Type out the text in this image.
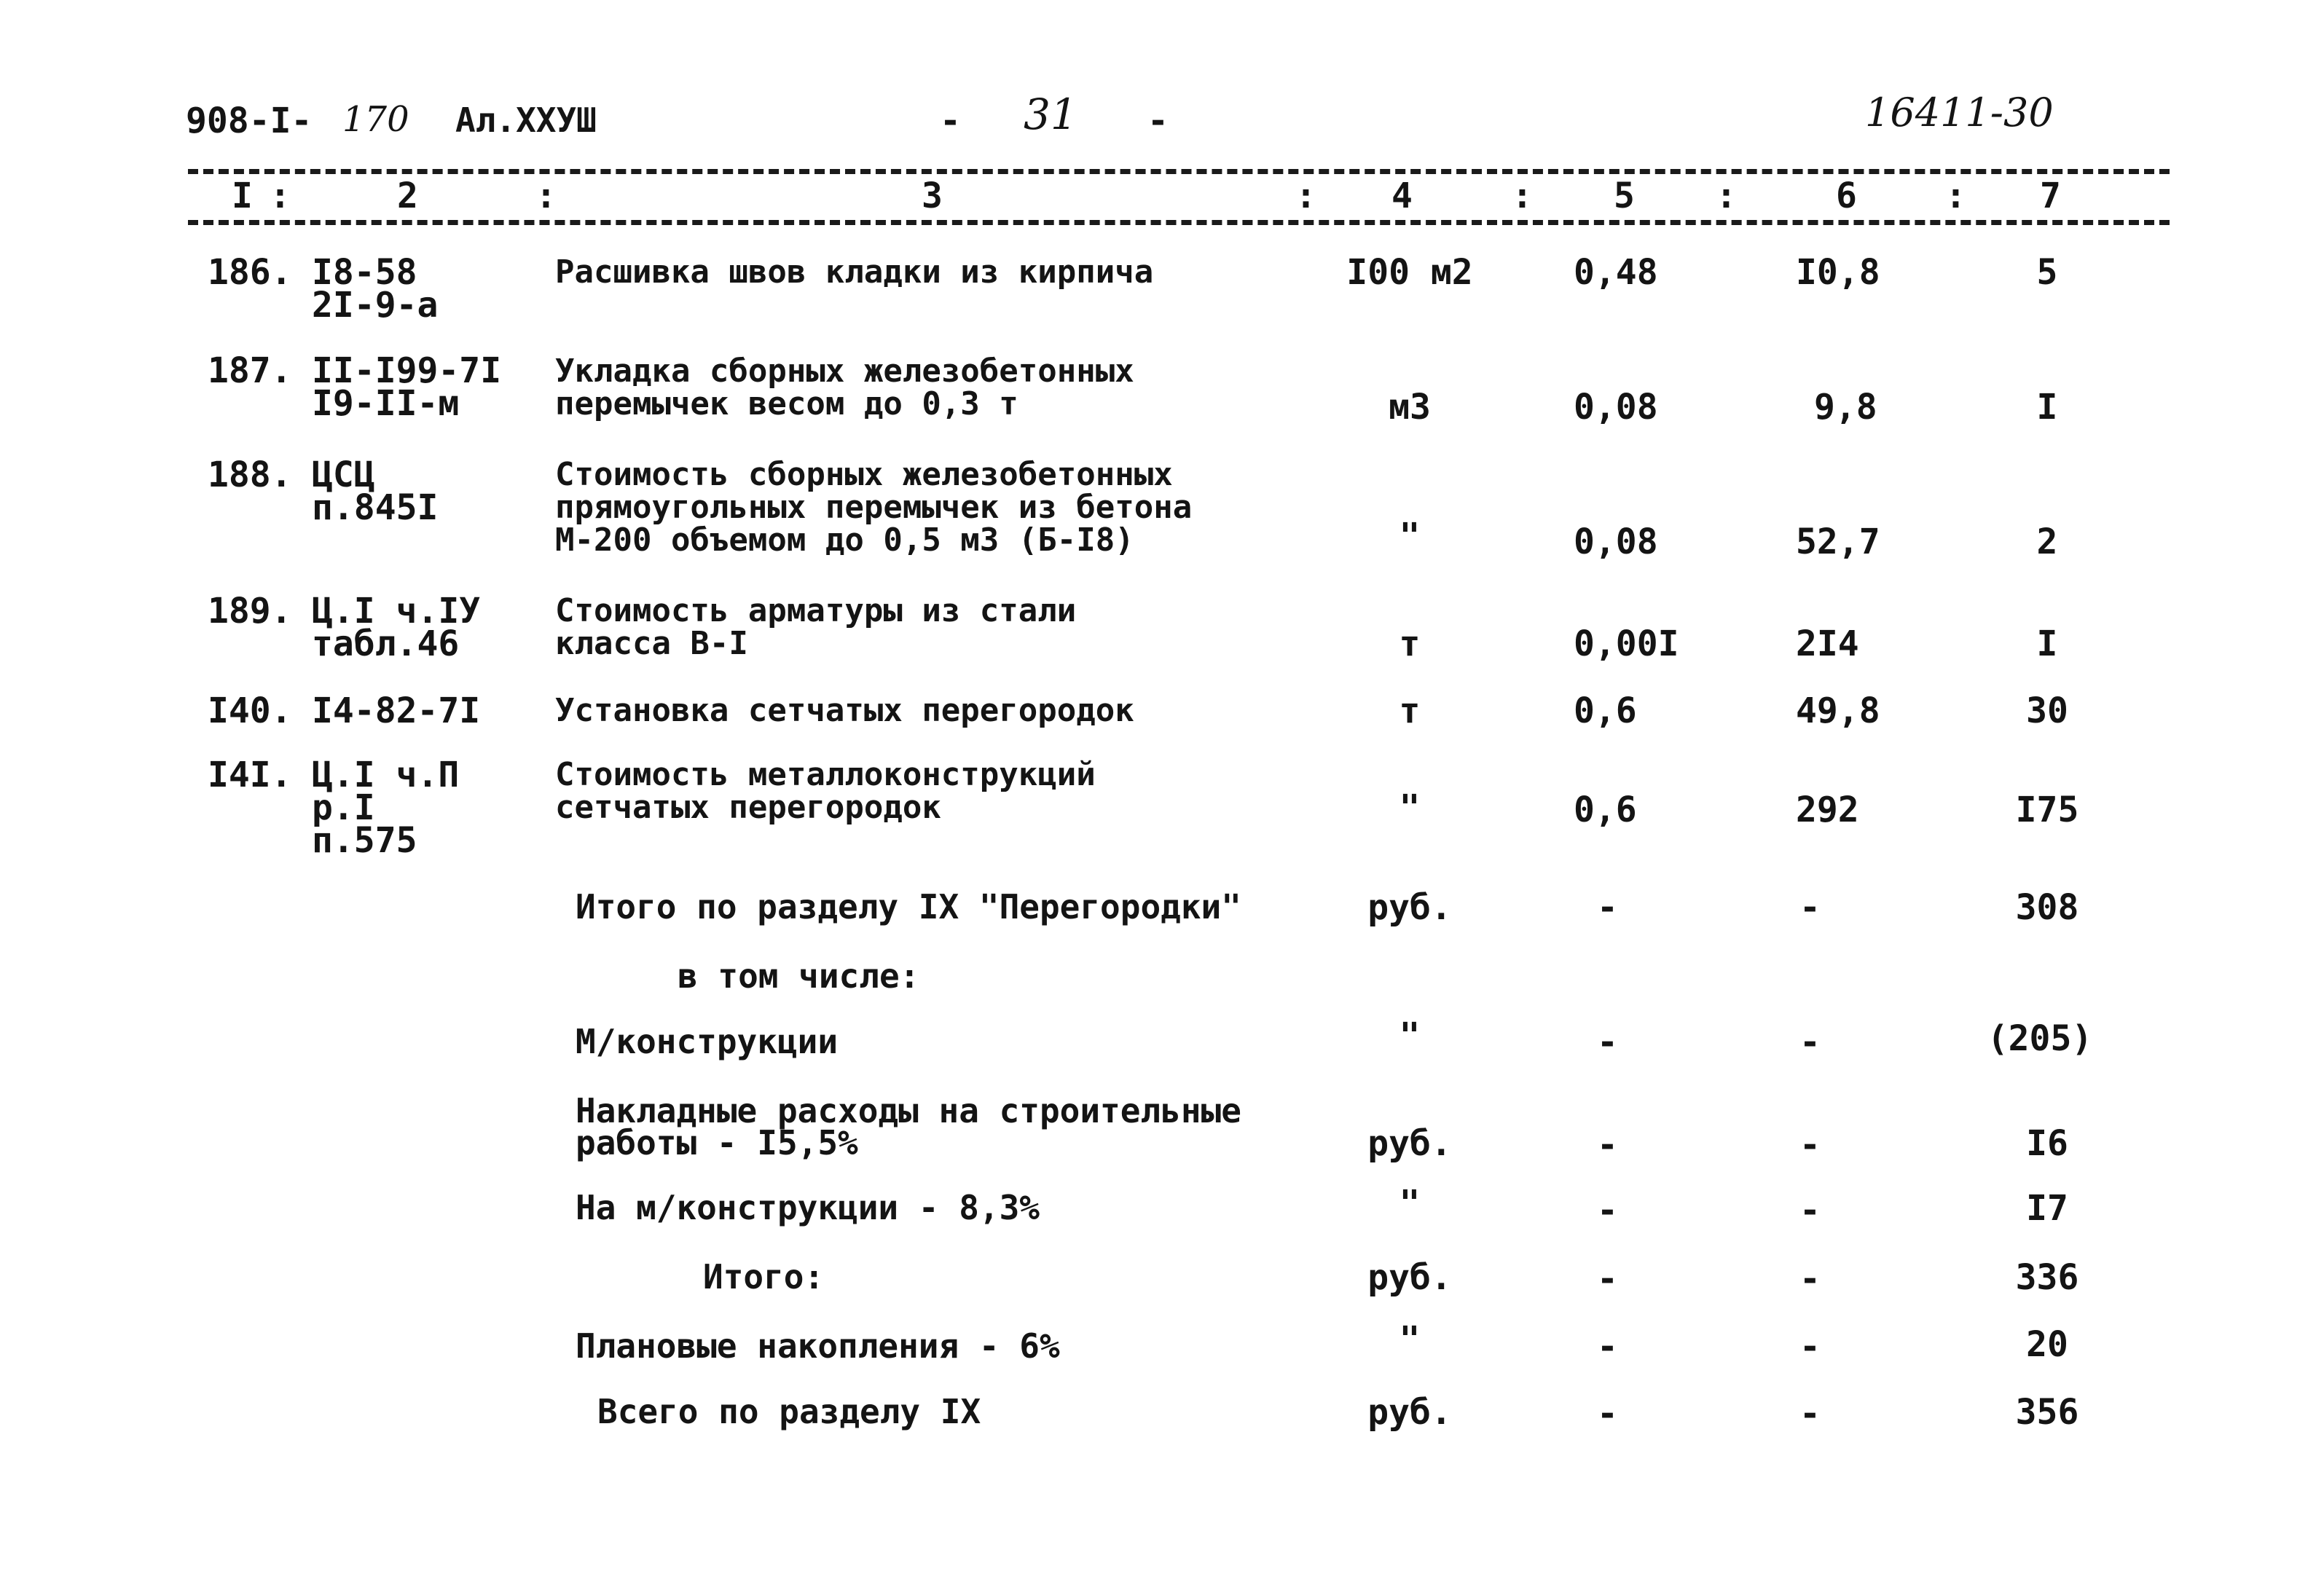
908-I- 170 Ал.ХХУШ	- 31 -	16411-30
I :	2	:	3	: 4	: 5 :	6	: 7
186. I8-58
2I-9-а
Расшивка швов кладки из кирпича	I00 м2	0,48	I0,8	5
187. II-I99-7I
I9-II-м
Укладка сборных железобетонных
перемычек весом до 0,3 т	м3	0,08	9,8	I
188. ЦСЦ
п.845I
Стоимость сборных железобетонных
прямоугольных перемычек из бетона
М-200 объемом до 0,5 м3 (Б-I8)	"	0,08	52,7	2
189. Ц.I ч.IУ
табл.46
Стоимость арматуры из стали
класса В-I	т	0,00I	2I4	I
I40. I4-82-7I Установка сетчатых перегородок	т	0,6	49,8	30
I4I. Ц.I ч.П
р.I
п.575
Стоимость металлоконструкций
сетчатых перегородок	"	0,6	292	I75
Итого по разделу IX "Перегородки"	руб.	-	-	308
в том числе:
М/конструкции	"	-	-	(205)
Накладные расходы на строительные
работы - I5,5%	руб.	-	-	I6
На м/конструкции - 8,3%	"	-	-	I7
Итого:	руб.	-	-	336
Плановые накопления - 6%	"	-	-	20
Всего по разделу IX	руб.	-	-	356
